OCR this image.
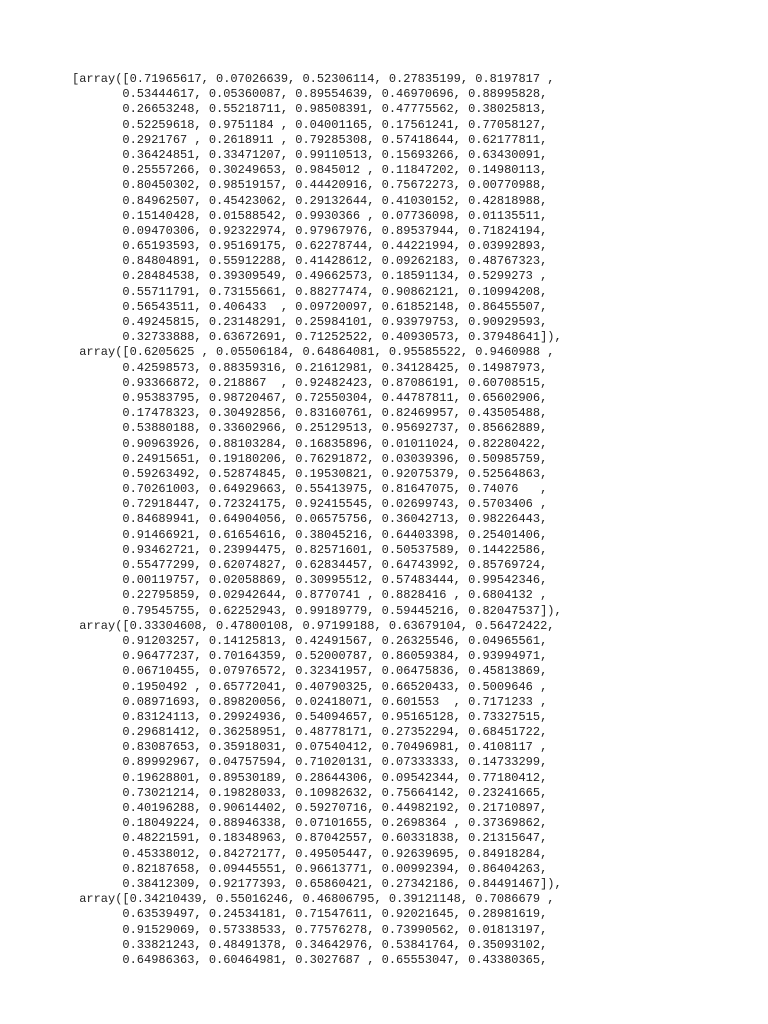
[array([0.71965617, 0.07026639, 0.52306114, 0.27835199, 0.8197817 ,
0.53444617, 0.05360087, 0.89554639, 0.46970696, 0.88995828,
0.26653248, 0.55218711, 0.98508391, 0.47775562, 0.38025813,
0.52259618, 0.9751184 , 0.04001165, 0.17561241, 0.77058127,
0.2921767 , 0.2618911 , 0.79285308, 0.57418644, 0.62177811,
0.36424851, 0.33471207, 0.99110513, 0.15693266, 0.63430091,
0.25557266, 0.30249653, 0.9845012 , 0.11847202, 0.14980113,
0.80450302, 0.98519157, 0.44420916, 0.75672273, 0.00770988,
0.84962507, 0.45423062, 0.29132644, 0.41030152, 0.42818988,
0.15140428, 0.01588542, 0.9930366 , 0.07736098, 0.01135511,
0.09470306, 0.92322974, 0.97967976, 0.89537944, 0.71824194,
0.65193593, 0.95169175, 0.62278744, 0.44221994, 0.03992893,
0.84804891, 0.55912288, 0.41428612, 0.09262183, 0.48767323,
0.28484538, 0.39309549, 0.49662573, 0.18591134, 0.5299273 ,
0.55711791, 0.73155661, 0.88277474, 0.90862121, 0.10994208,
0.56543511, 0.406433  , 0.09720097, 0.61852148, 0.86455507,
0.49245815, 0.23148291, 0.25984101, 0.93979753, 0.90929593,
0.32733888, 0.63672691, 0.71252522, 0.40930573, 0.37948641]),
array([0.6205625 , 0.05506184, 0.64864081, 0.95585522, 0.9460988 ,
0.42598573, 0.88359316, 0.21612981, 0.34128425, 0.14987973,
0.93366872, 0.218867  , 0.92482423, 0.87086191, 0.60708515,
0.95383795, 0.98720467, 0.72550304, 0.44787811, 0.65602906,
0.17478323, 0.30492856, 0.83160761, 0.82469957, 0.43505488,
0.53880188, 0.33602966, 0.25129513, 0.95692737, 0.85662889,
0.90963926, 0.88103284, 0.16835896, 0.01011024, 0.82280422,
0.24915651, 0.19180206, 0.76291872, 0.03039396, 0.50985759,
0.59263492, 0.52874845, 0.19530821, 0.92075379, 0.52564863,
0.70261003, 0.64929663, 0.55413975, 0.81647075, 0.74076   ,
0.72918447, 0.72324175, 0.92415545, 0.02699743, 0.5703406 ,
0.84689941, 0.64904056, 0.06575756, 0.36042713, 0.98226443,
0.91466921, 0.61654616, 0.38045216, 0.64403398, 0.25401406,
0.93462721, 0.23994475, 0.82571601, 0.50537589, 0.14422586,
0.55477299, 0.62074827, 0.62834457, 0.64743992, 0.85769724,
0.00119757, 0.02058869, 0.30995512, 0.57483444, 0.99542346,
0.22795859, 0.02942644, 0.8770741 , 0.8828416 , 0.6804132 ,
0.79545755, 0.62252943, 0.99189779, 0.59445216, 0.82047537]),
array([0.33304608, 0.47800108, 0.97199188, 0.63679104, 0.56472422,
0.91203257, 0.14125813, 0.42491567, 0.26325546, 0.04965561,
0.96477237, 0.70164359, 0.52000787, 0.86059384, 0.93994971,
0.06710455, 0.07976572, 0.32341957, 0.06475836, 0.45813869,
0.1950492 , 0.65772041, 0.40790325, 0.66520433, 0.5009646 ,
0.08971693, 0.89820056, 0.02418071, 0.601553  , 0.7171233 ,
0.83124113, 0.29924936, 0.54094657, 0.95165128, 0.73327515,
0.29681412, 0.36258951, 0.48778171, 0.27352294, 0.68451722,
0.83087653, 0.35918031, 0.07540412, 0.70496981, 0.4108117 ,
0.89992967, 0.04757594, 0.71020131, 0.07333333, 0.14733299,
0.19628801, 0.89530189, 0.28644306, 0.09542344, 0.77180412,
0.73021214, 0.19828033, 0.10982632, 0.75664142, 0.23241665,
0.40196288, 0.90614402, 0.59270716, 0.44982192, 0.21710897,
0.18049224, 0.88946338, 0.07101655, 0.2698364 , 0.37369862,
0.48221591, 0.18348963, 0.87042557, 0.60331838, 0.21315647,
0.45338012, 0.84272177, 0.49505447, 0.92639695, 0.84918284,
0.82187658, 0.09445551, 0.96613771, 0.00992394, 0.86404263,
0.38412309, 0.92177393, 0.65860421, 0.27342186, 0.84491467]),
array([0.34210439, 0.55016246, 0.46806795, 0.39121148, 0.7086679 ,
0.63539497, 0.24534181, 0.71547611, 0.92021645, 0.28981619,
0.91529069, 0.57338533, 0.77576278, 0.73990562, 0.01813197,
0.33821243, 0.48491378, 0.34642976, 0.53841764, 0.35093102,
0.64986363, 0.60464981, 0.3027687 , 0.65553047, 0.43380365,
